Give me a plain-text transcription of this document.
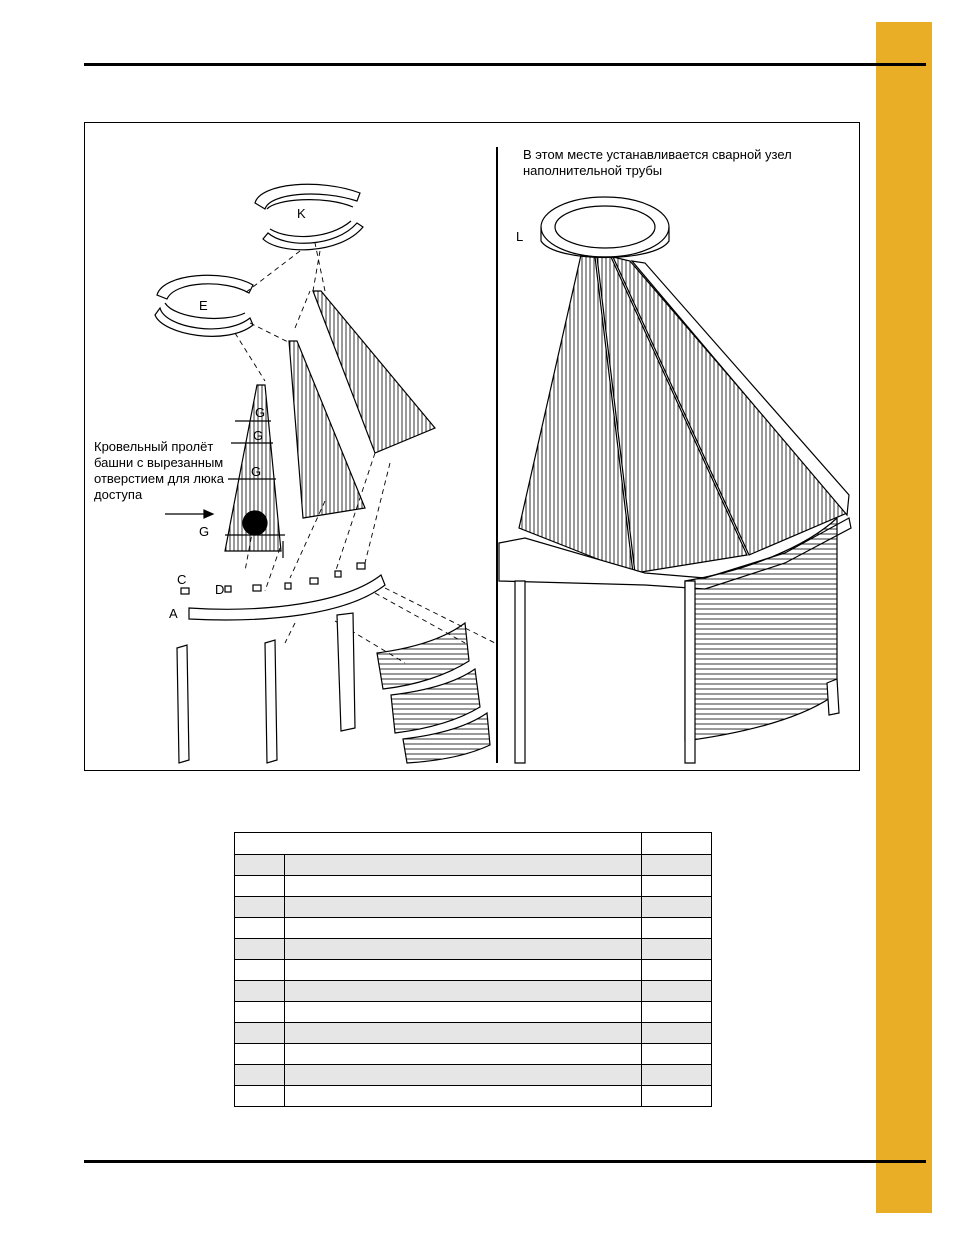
K
E
L
G
G
G
G
C
D
A
Кровельный пролёт башни с вырезанным отверстием для люка доступа
В этом месте устанавливается сварной узел наполнительной трубы
